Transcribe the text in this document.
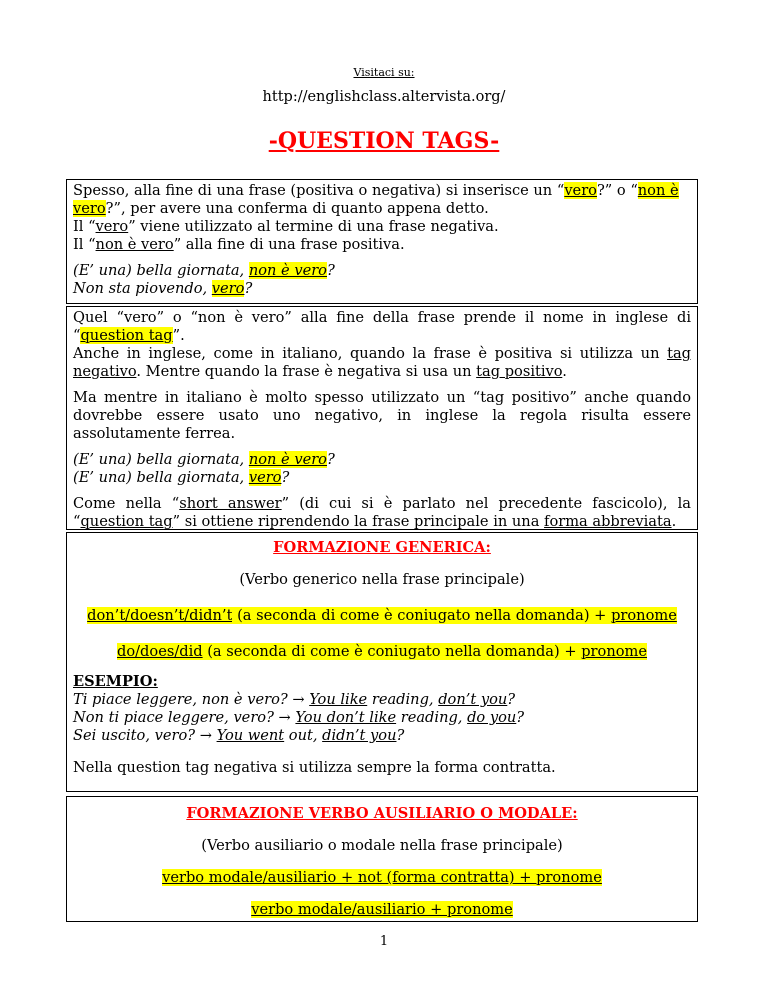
Visitaci su:
http://englishclass.altervista.org/
-QUESTION TAGS-

Spesso, alla fine di una frase (positiva o negativa) si inserisce un “vero?” o “non è
vero?”, per avere una conferma di quanto appena detto.

Il “vero” viene utilizzato al termine di una frase negativa.

Il “non è vero” alla fine di una frase positiva.

(E’ una) bella giornata, non è vero?

Non sta piovendo, vero?

Quel “vero” o “non è vero” alla fine della frase prende il nome in inglese di “question tag”.

Anche in inglese, come in italiano, quando la frase è positiva si utilizza un tag negativo. Mentre quando la frase è negativa si usa un tag positivo.

Ma mentre in italiano è molto spesso utilizzato un “tag positivo” anche quando dovrebbe essere usato uno negativo, in inglese la regola risulta essere assolutamente ferrea.

(E’ una) bella giornata, non è vero?

(E’ una) bella giornata, vero?

Come nella “short answer” (di cui si è parlato nel precedente fascicolo), la “question tag” si ottiene riprendendo la frase principale in una forma abbreviata.

FORMAZIONE GENERICA:

(Verbo generico nella frase principale)

don’t/doesn’t/didn’t (a seconda di come è coniugato nella domanda) + pronome

do/does/did (a seconda di come è coniugato nella domanda) + pronome

ESEMPIO:

Ti piace leggere, non è vero? → You like reading, don’t you?

Non ti piace leggere, vero? → You don’t like reading, do you?

Sei uscito, vero? → You went out, didn’t you?

Nella question tag negativa si utilizza sempre la forma contratta.

FORMAZIONE VERBO AUSILIARIO O MODALE:

(Verbo ausiliario o modale nella frase principale)

verbo modale/ausiliario + not (forma contratta) + pronome

verbo modale/ausiliario + pronome

1
